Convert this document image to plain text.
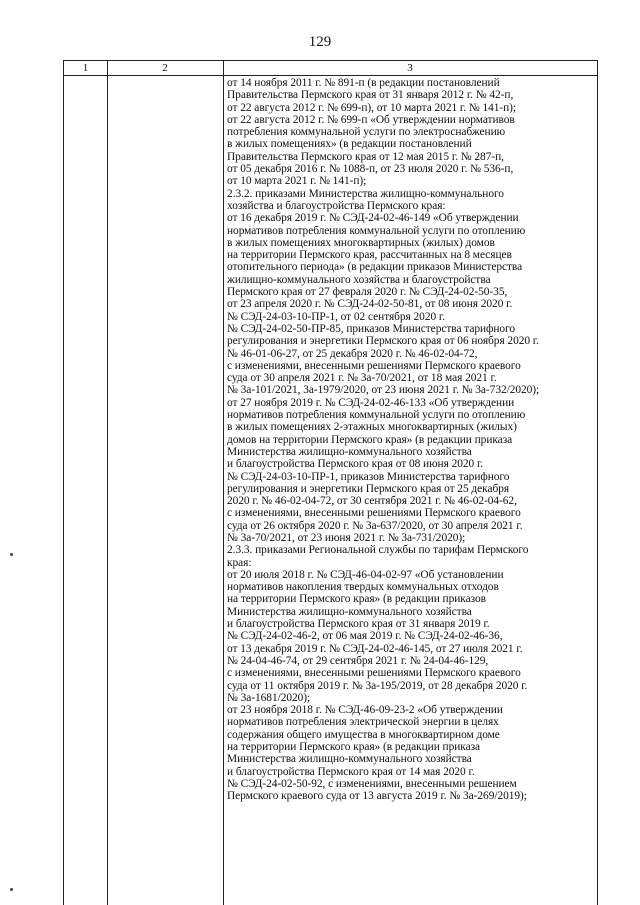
129
1	2	3
от 14 ноября 2011 г. № 891-п (в редакции постановлений
Правительства Пермского края от 31 января 2012 г. № 42-п,
от 22 августа 2012 г. № 699-п), от 10 марта 2021 г. № 141-п);
от 22 августа 2012 г. № 699-п «Об утверждении нормативов
потребления коммунальной услуги по электроснабжению
в жилых помещениях» (в редакции постановлений
Правительства Пермского края от 12 мая 2015 г. № 287-п,
от 05 декабря 2016 г. № 1088-п, от 23 июля 2020 г. № 536-п,
от 10 марта 2021 г. № 141-п);
2.3.2. приказами Министерства жилищно-коммунального
хозяйства и благоустройства Пермского края:
от 16 декабря 2019 г. № СЭД-24-02-46-149 «Об утверждении
нормативов потребления коммунальной услуги по отоплению
в жилых помещениях многоквартирных (жилых) домов
на территории Пермского края, рассчитанных на 8 месяцев
отопительного периода» (в редакции приказов Министерства
жилищно-коммунального хозяйства и благоустройства
Пермского края от 27 февраля 2020 г. № СЭД-24-02-50-35,
от 23 апреля 2020 г. № СЭД-24-02-50-81, от 08 июня 2020 г.
№ СЭД-24-03-10-ПР-1, от 02 сентября 2020 г.
№ СЭД-24-02-50-ПР-85, приказов Министерства тарифного
регулирования и энергетики Пермского края от 06 ноября 2020 г.
№ 46-01-06-27, от 25 декабря 2020 г. № 46-02-04-72,
с изменениями, внесенными решениями Пермского краевого
суда от 30 апреля 2021 г. № 3а-70/2021, от 18 мая 2021 г.
№ 3а-101/2021, 3а-1979/2020, от 23 июня 2021 г. № 3а-732/2020);
от 27 ноября 2019 г. № СЭД-24-02-46-133 «Об утверждении
нормативов потребления коммунальной услуги по отоплению
в жилых помещениях 2-этажных многоквартирных (жилых)
домов на территории Пермского края» (в редакции приказа
Министерства жилищно-коммунального хозяйства
и благоустройства Пермского края от 08 июня 2020 г.
№ СЭД-24-03-10-ПР-1, приказов Министерства тарифного
регулирования и энергетики Пермского края от 25 декабря
2020 г. № 46-02-04-72, от 30 сентября 2021 г. № 46-02-04-62,
с изменениями, внесенными решениями Пермского краевого
суда от 26 октября 2020 г. № 3а-637/2020, от 30 апреля 2021 г.
№ 3а-70/2021, от 23 июня 2021 г. № 3а-731/2020);
2.3.3. приказами Региональной службы по тарифам Пермского
края:
от 20 июля 2018 г. № СЭД-46-04-02-97 «Об установлении
нормативов накопления твердых коммунальных отходов
на территории Пермского края» (в редакции приказов
Министерства жилищно-коммунального хозяйства
и благоустройства Пермского края от 31 января 2019 г.
№ СЭД-24-02-46-2, от 06 мая 2019 г. № СЭД-24-02-46-36,
от 13 декабря 2019 г. № СЭД-24-02-46-145, от 27 июля 2021 г.
№ 24-04-46-74, от 29 сентября 2021 г. № 24-04-46-129,
с изменениями, внесенными решениями Пермского краевого
суда от 11 октября 2019 г. № 3а-195/2019, от 28 декабря 2020 г.
№ 3а-1681/2020);
от 23 ноября 2018 г. № СЭД-46-09-23-2 «Об утверждении
нормативов потребления электрической энергии в целях
содержания общего имущества в многоквартирном доме
на территории Пермского края» (в редакции приказа
Министерства жилищно-коммунального хозяйства
и благоустройства Пермского края от 14 мая 2020 г.
№ СЭД-24-02-50-92, с изменениями, внесенными решением
Пермского краевого суда от 13 августа 2019 г. № 3а-269/2019);
